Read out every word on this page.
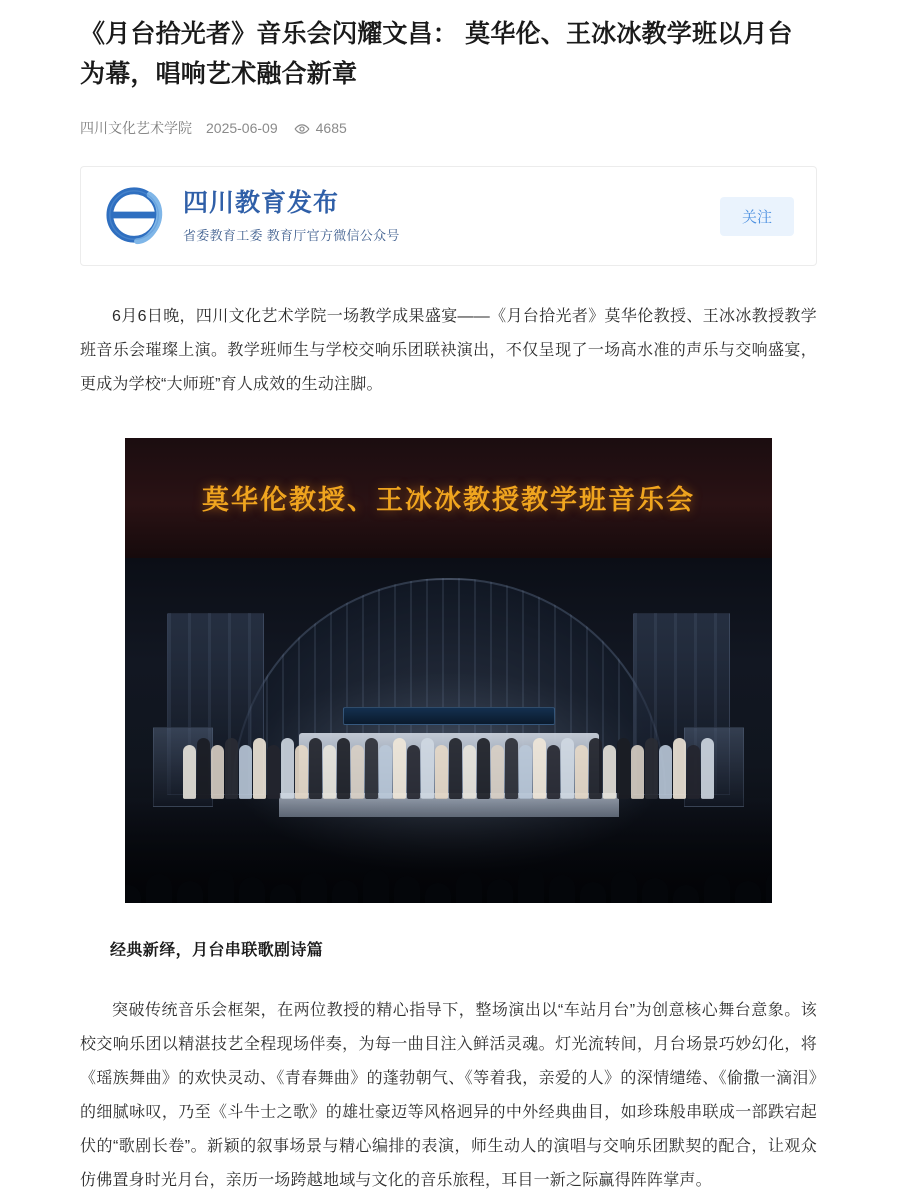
《月台拾光者》音乐会闪耀文昌： 莫华伦、王冰冰教学班以月台为幕，唱响艺术融合新章
四川文化艺术学院 2025-06-09	4685
四川教育发布
省委教育工委 教育厅官方微信公众号
关注

6月6日晚，四川文化艺术学院一场教学成果盛宴——《月台拾光者》莫华伦教授、王冰冰教授教学班音乐会璀璨上演。教学班师生与学校交响乐团联袂演出，不仅呈现了一场高水准的声乐与交响盛宴，更成为学校“大师班”育人成效的生动注脚。

莫华伦教授、王冰冰教授教学班音乐会
经典新绎，月台串联歌剧诗篇

突破传统音乐会框架，在两位教授的精心指导下，整场演出以“车站月台”为创意核心舞台意象。该校交响乐团以精湛技艺全程现场伴奏，为每一曲目注入鲜活灵魂。灯光流转间，月台场景巧妙幻化，将《瑶族舞曲》的欢快灵动、《青春舞曲》的蓬勃朝气、《等着我，亲爱的人》的深情缱绻、《偷撒一滴泪》的细腻咏叹，乃至《斗牛士之歌》的雄壮豪迈等风格迥异的中外经典曲目，如珍珠般串联成一部跌宕起伏的“歌剧长卷”。新颖的叙事场景与精心编排的表演，师生动人的演唱与交响乐团默契的配合，让观众仿佛置身时光月台，亲历一场跨越地域与文化的音乐旅程，耳目一新之际赢得阵阵掌声。
